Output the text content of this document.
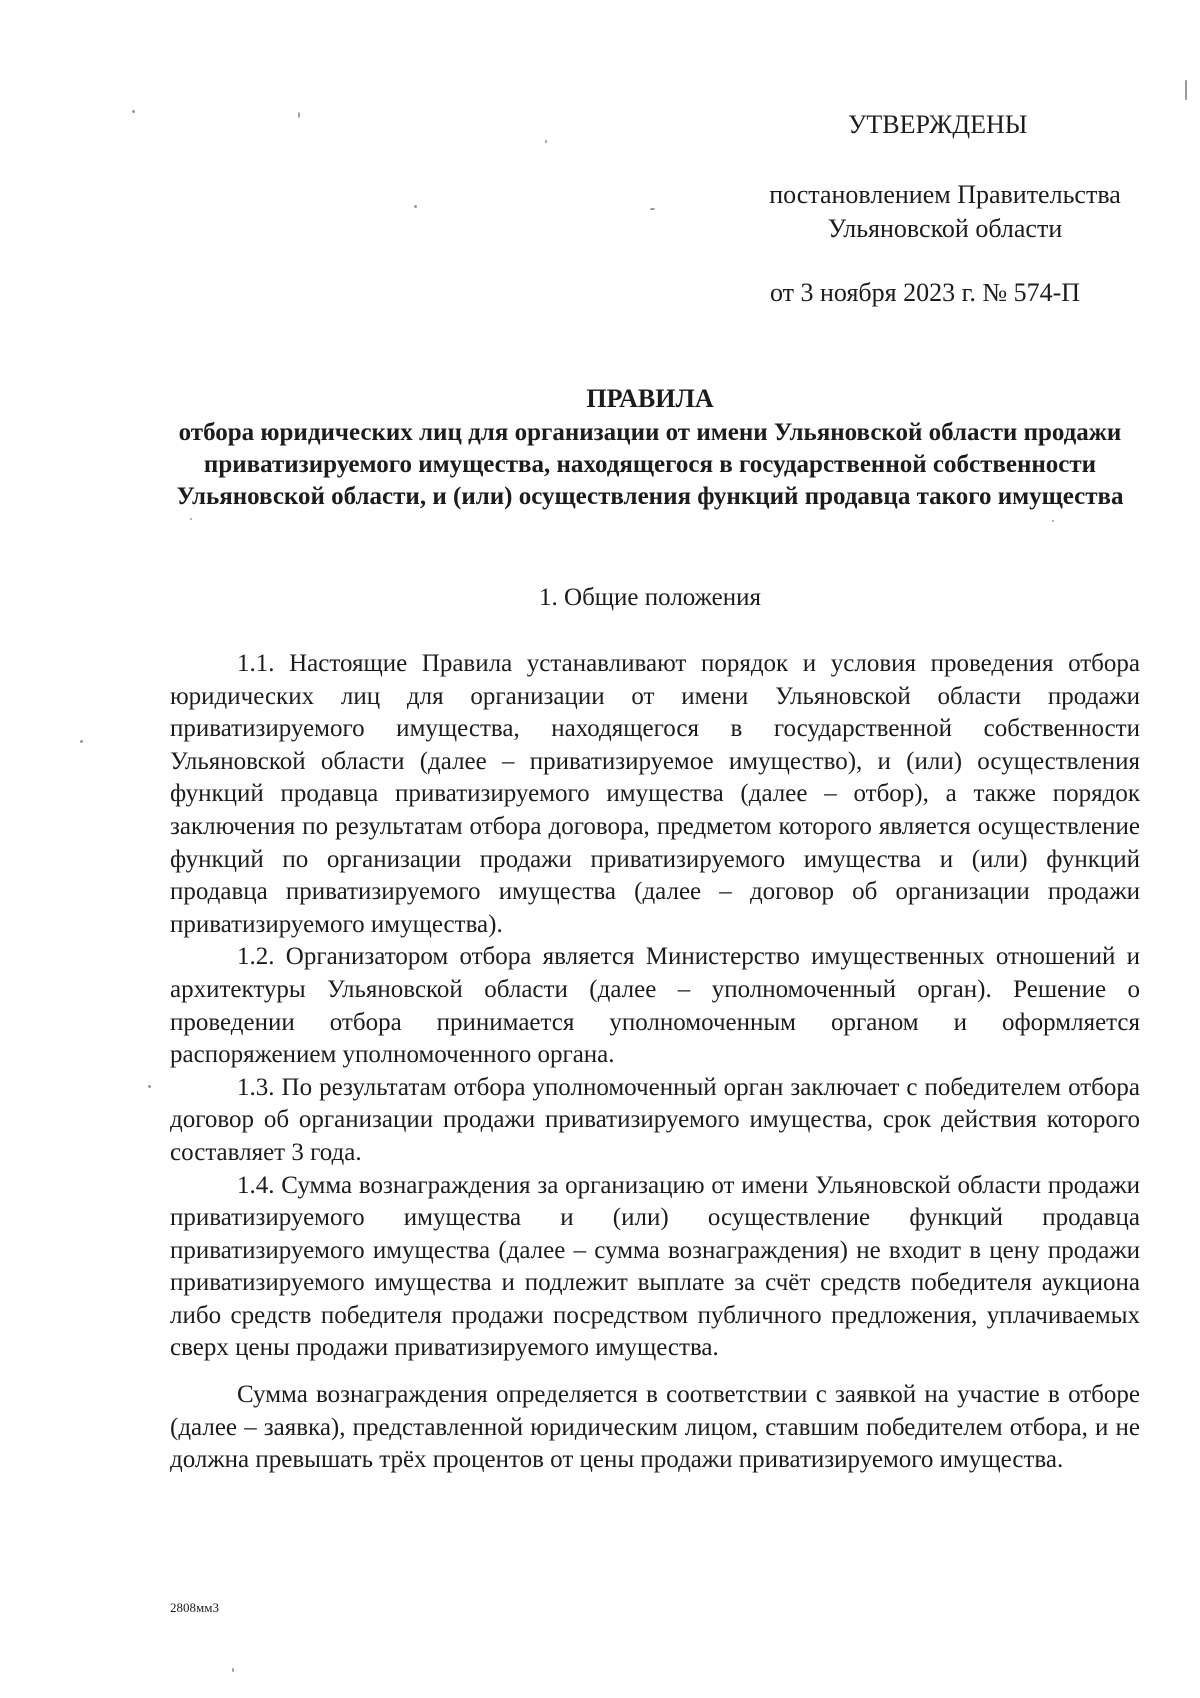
УТВЕРЖДЕНЫ
постановлением Правительства
Ульяновской области
от 3 ноября 2023 г. № 574-П
ПРАВИЛА
отбора юридических лиц для организации от имени Ульяновской области продажи приватизируемого имущества, находящегося в государственной собственности Ульяновской области, и (или) осуществления функций продавца такого имущества
1. Общие положения

1.1. Настоящие Правила устанавливают порядок и условия проведения отбора юридических лиц для организации от имени Ульяновской области продажи приватизируемого имущества, находящегося в государственной собственности Ульяновской области (далее – приватизируемое имущество), и (или) осуществления функций продавца приватизируемого имущества (далее – отбор), а также порядок заключения по результатам отбора договора, предметом которого является осуществление функций по организации продажи приватизируемого имущества и (или) функций продавца приватизируемого имущества (далее – договор об организации продажи приватизируемого имущества).

1.2. Организатором отбора является Министерство имущественных отношений и архитектуры Ульяновской области (далее – уполномоченный орган). Решение о проведении отбора принимается уполномоченным органом и оформляется распоряжением уполномоченного органа.

1.3. По результатам отбора уполномоченный орган заключает с победителем отбора договор об организации продажи приватизируемого имущества, срок действия которого составляет 3 года.

1.4. Сумма вознаграждения за организацию от имени Ульяновской области продажи приватизируемого имущества и (или) осуществление функций продавца приватизируемого имущества (далее – сумма вознаграждения) не входит в цену продажи приватизируемого имущества и подлежит выплате за счёт средств победителя аукциона либо средств победителя продажи посредством публичного предложения, уплачиваемых сверх цены продажи приватизируемого имущества.

Сумма вознаграждения определяется в соответствии с заявкой на участие в отборе (далее – заявка), представленной юридическим лицом, ставшим победителем отбора, и не должна превышать трёх процентов от цены продажи приватизируемого имущества.

2808мм3
